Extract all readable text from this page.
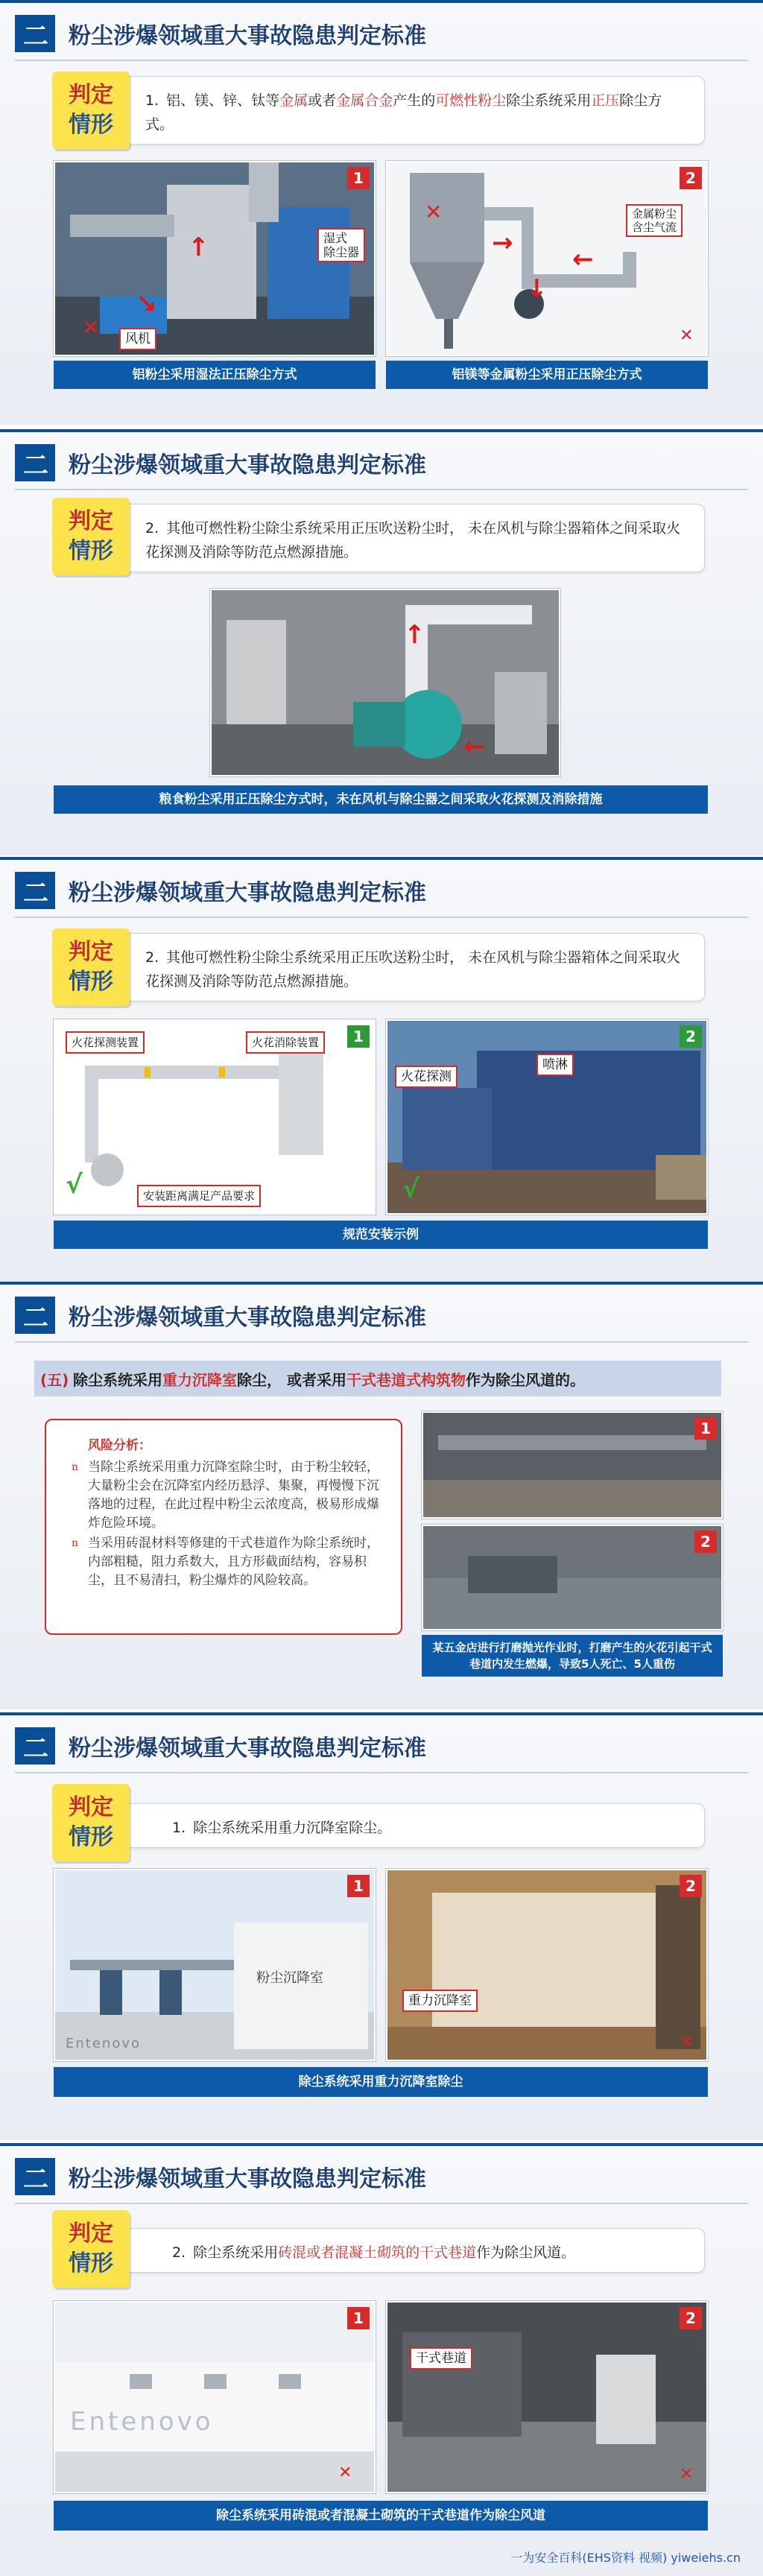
二 粉尘涉爆领域重大事故隐患判定标准
1. 铝、镁、锌、钛等金属或者金属合金产生的可燃性粉尘除尘系统采用正压除尘方式。
判定
情形
1
↑
↘
✕
湿式
除尘器
风机
铝粉尘采用湿法正压除尘方式
2
✕
→
↓
←
金属粉尘
含尘气流
✕
铝镁等金属粉尘采用正压除尘方式
二 粉尘涉爆领域重大事故隐患判定标准
2. 其他可燃性粉尘除尘系统采用正压吹送粉尘时， 未在风机与除尘器箱体之间采取火花探测及消除等防范点燃源措施。
判定
情形
↑
←
粮食粉尘采用正压除尘方式时，未在风机与除尘器之间采取火花探测及消除措施
二 粉尘涉爆领域重大事故隐患判定标准
2. 其他可燃性粉尘除尘系统采用正压吹送粉尘时， 未在风机与除尘器箱体之间采取火花探测及消除等防范点燃源措施。
判定
情形
1
火花探测装置	火花消除装置
√	安装距离满足产品要求
2
火花探测
喷淋
√
规范安装示例
二 粉尘涉爆领域重大事故隐患判定标准
(五) 除尘系统采用 重力沉降室 除尘， 或者采用 干式巷道式构筑物 作为除尘风道的。
风险分析：

n 当除尘系统采用重力沉降室除尘时，由于粉尘较轻，大量粉尘会在沉降室内经历悬浮、集聚，再慢慢下沉落地的过程，在此过程中粉尘云浓度高，极易形成爆炸危险环境。

n 当采用砖混材料等修建的干式巷道作为除尘系统时，内部粗糙，阻力系数大，且方形截面结构，容易积尘，且不易清扫，粉尘爆炸的风险较高。

1
2
某五金店进行打磨抛光作业时，打磨产生的火花引起干式巷道内发生燃爆，导致5人死亡、5人重伤
二 粉尘涉爆领域重大事故隐患判定标准
1. 除尘系统采用重力沉降室除尘。
判定
情形
1
粉尘沉降室
Entenovo
2
重力沉降室
✕
除尘系统采用重力沉降室除尘
二 粉尘涉爆领域重大事故隐患判定标准
2. 除尘系统采用砖混或者混凝土砌筑的干式巷道作为除尘风道。
判定
情形
1
Entenovo
✕
2
干式巷道
✕
除尘系统采用砖混或者混凝土砌筑的干式巷道作为除尘风道
一为安全百科(EHS资料 视频) yiweiehs.cn
